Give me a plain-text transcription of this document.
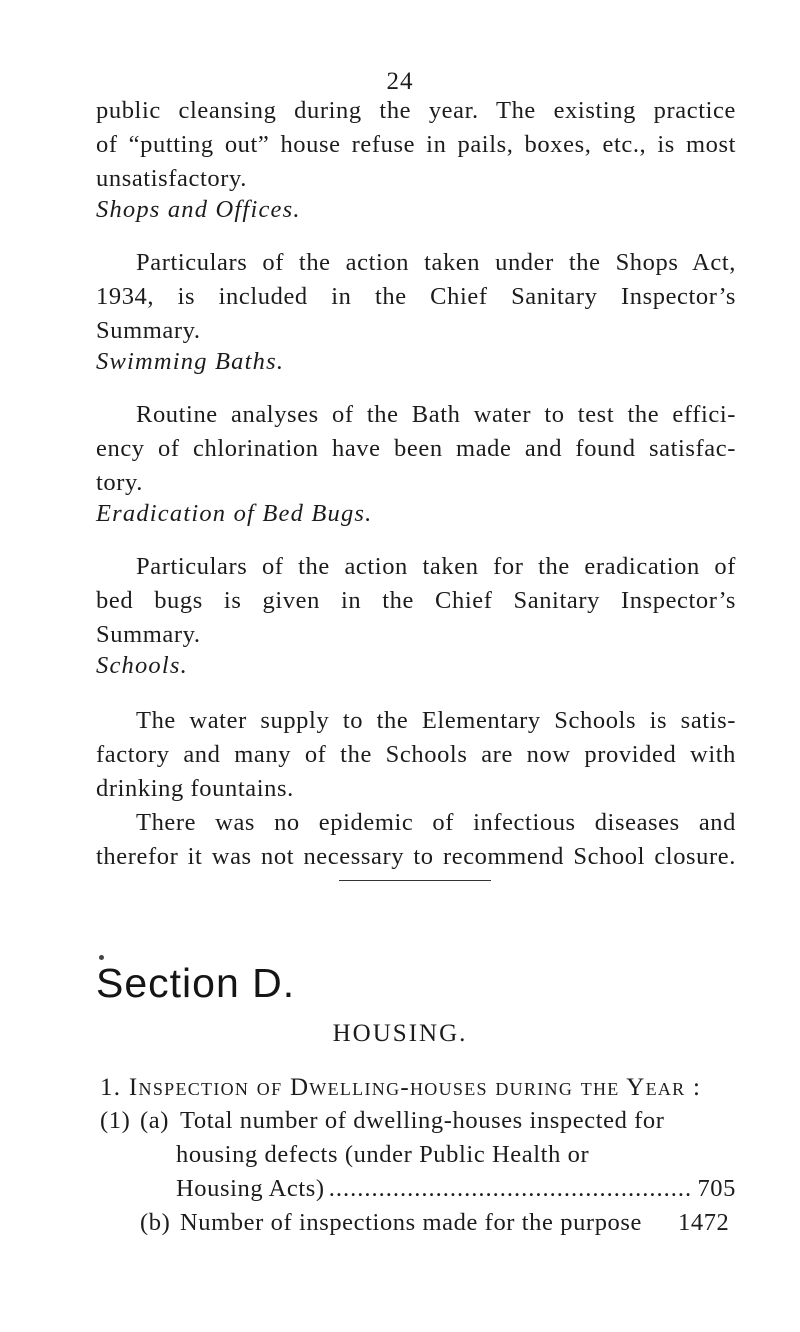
24
public cleansing during the year. The existing practice
of “putting out” house refuse in pails, boxes, etc., is most
unsatisfactory.
Shops and Offices.
Particulars of the action taken under the Shops Act,
1934, is included in the Chief Sanitary Inspector’s
Summary.
Swimming Baths.
Routine analyses of the Bath water to test the effici-
ency of chlorination have been made and found satisfac-
tory.
Eradication of Bed Bugs.
Particulars of the action taken for the eradication of
bed bugs is given in the Chief Sanitary Inspector’s
Summary.
Schools.
The water supply to the Elementary Schools is satis-
factory and many of the Schools are now provided with
drinking fountains.
There was no epidemic of infectious diseases and
therefor it was not necessary to recommend School closure.
Section D.
HOUSING.
1. Inspection of Dwelling-houses during the Year :
(1) (a) Total number of dwelling-houses inspected for
housing defects (under Public Health or
Housing Acts)
.....	705
(b) Number of inspections made for the purpose 1472
